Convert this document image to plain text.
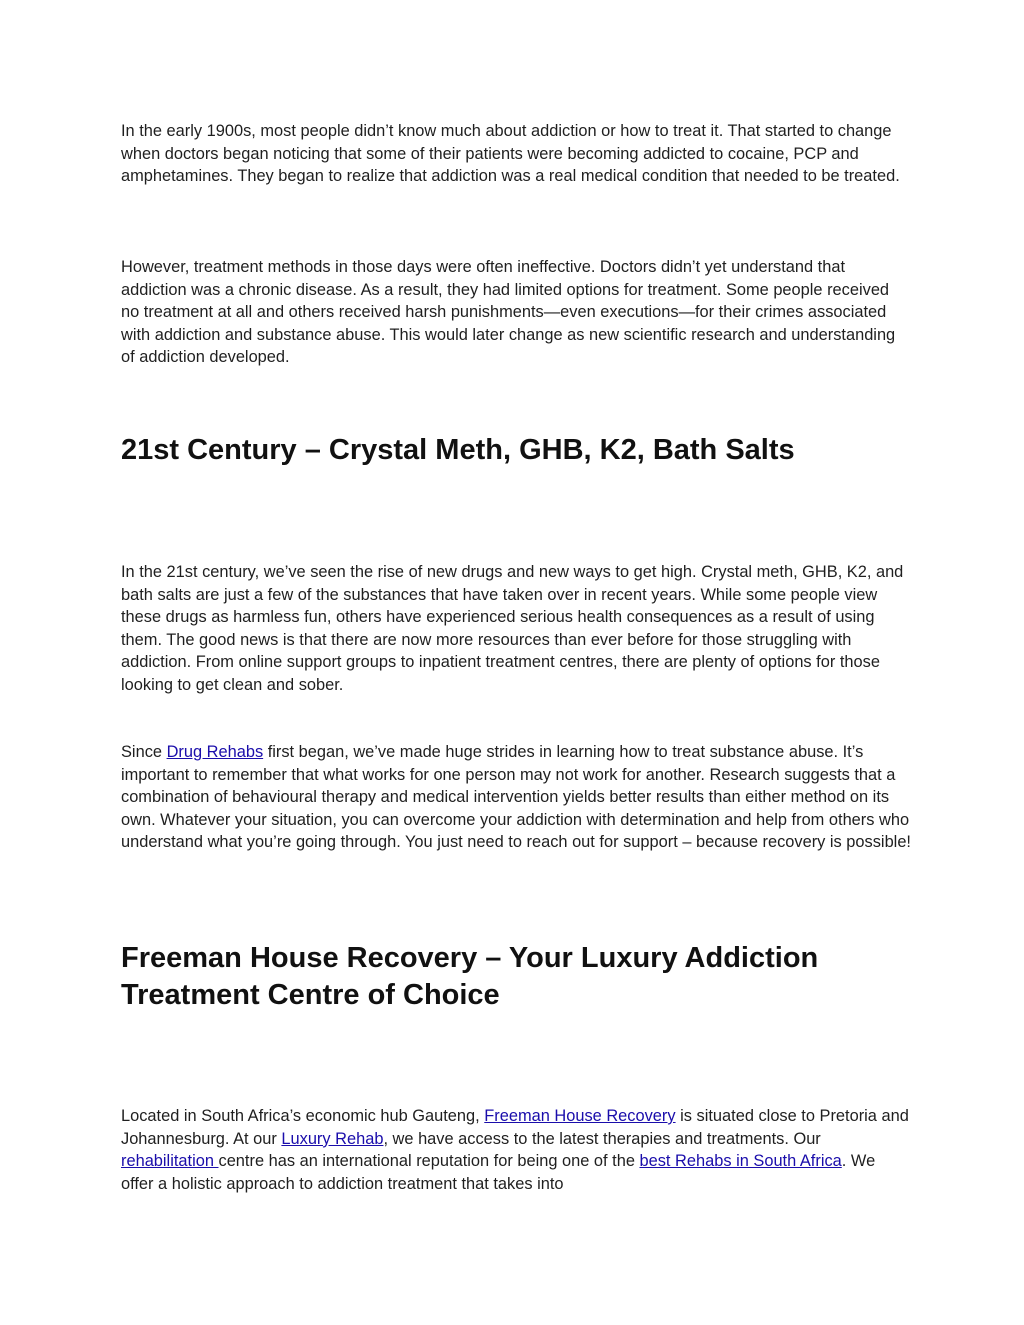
In the early 1900s, most people didn’t know much about addiction or how to treat it. That started to change when doctors began noticing that some of their patients were becoming addicted to cocaine, PCP and amphetamines. They began to realize that addiction was a real medical condition that needed to be treated.

However, treatment methods in those days were often ineffective. Doctors didn’t yet understand that addiction was a chronic disease. As a result, they had limited options for treatment. Some people received no treatment at all and others received harsh punishments—even executions—for their crimes associated with addiction and substance abuse. This would later change as new scientific research and understanding of addiction developed.

21st Century – Crystal Meth, GHB, K2, Bath Salts

In the 21st century, we’ve seen the rise of new drugs and new ways to get high. Crystal meth, GHB, K2, and bath salts are just a few of the substances that have taken over in recent years. While some people view these drugs as harmless fun, others have experienced serious health consequences as a result of using them. The good news is that there are now more resources than ever before for those struggling with addiction. From online support groups to inpatient treatment centres, there are plenty of options for those looking to get clean and sober.

Since Drug Rehabs first began, we’ve made huge strides in learning how to treat substance abuse. It’s important to remember that what works for one person may not work for another. Research suggests that a combination of behavioural therapy and medical intervention yields better results than either method on its own. Whatever your situation, you can overcome your addiction with determination and help from others who understand what you’re going through. You just need to reach out for support – because recovery is possible!

Freeman House Recovery – Your Luxury Addiction Treatment Centre of Choice

Located in South Africa’s economic hub Gauteng, Freeman House Recovery is situated close to Pretoria and Johannesburg. At our Luxury Rehab, we have access to the latest therapies and treatments. Our rehabilitation centre has an international reputation for being one of the best Rehabs in South Africa. We offer a holistic approach to addiction treatment that takes into
